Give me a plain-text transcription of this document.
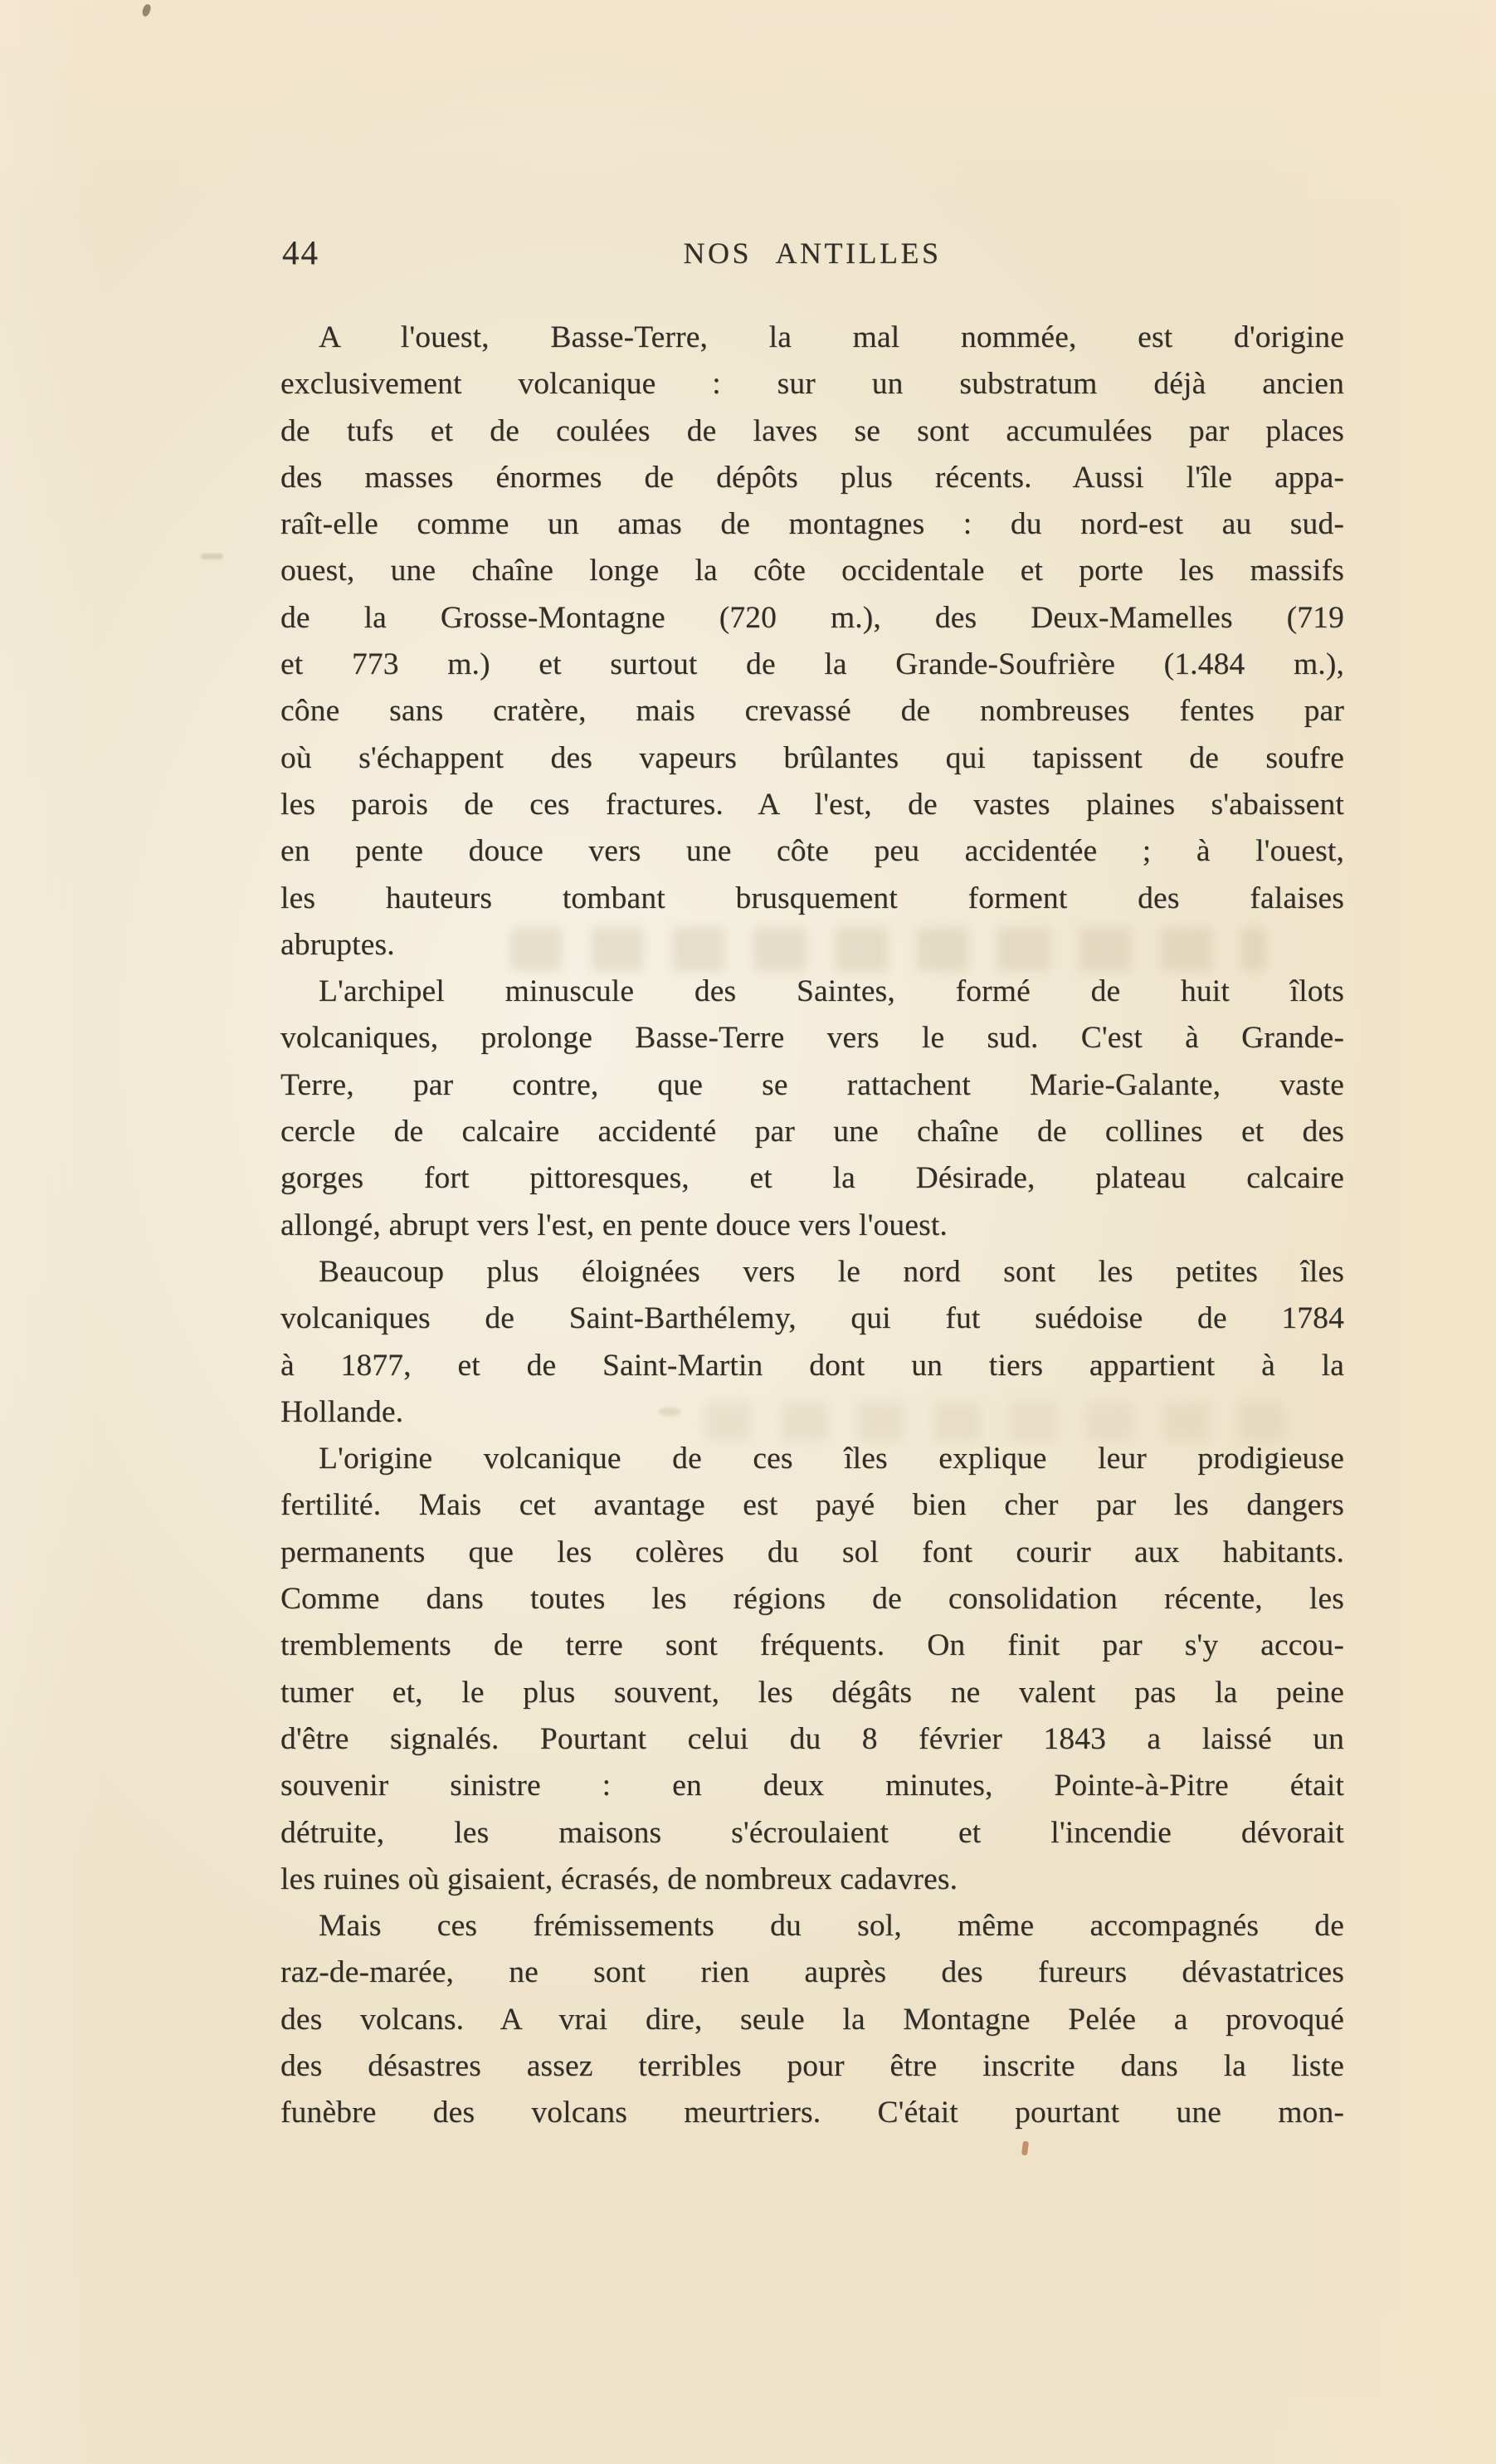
44	NOS ANTILLES
A l'ouest, Basse-Terre, la mal nommée, est d'origine
exclusivement volcanique : sur un substratum déjà ancien
de tufs et de coulées de laves se sont accumulées par places
des masses énormes de dépôts plus récents. Aussi l'île appa-
raît-elle comme un amas de montagnes : du nord-est au sud-
ouest, une chaîne longe la côte occidentale et porte les massifs
de la Grosse-Montagne (720 m.), des Deux-Mamelles (719
et 773 m.) et surtout de la Grande-Soufrière (1.484 m.),
cône sans cratère, mais crevassé de nombreuses fentes par
où s'échappent des vapeurs brûlantes qui tapissent de soufre
les parois de ces fractures. A l'est, de vastes plaines s'abaissent
en pente douce vers une côte peu accidentée ; à l'ouest,
les hauteurs tombant brusquement forment des falaises
abruptes.
L'archipel minuscule des Saintes, formé de huit îlots
volcaniques, prolonge Basse-Terre vers le sud. C'est à Grande-
Terre, par contre, que se rattachent Marie-Galante, vaste
cercle de calcaire accidenté par une chaîne de collines et des
gorges fort pittoresques, et la Désirade, plateau calcaire
allongé, abrupt vers l'est, en pente douce vers l'ouest.
Beaucoup plus éloignées vers le nord sont les petites îles
volcaniques de Saint-Barthélemy, qui fut suédoise de 1784
à 1877, et de Saint-Martin dont un tiers appartient à la
Hollande.
L'origine volcanique de ces îles explique leur prodigieuse
fertilité. Mais cet avantage est payé bien cher par les dangers
permanents que les colères du sol font courir aux habitants.
Comme dans toutes les régions de consolidation récente, les
tremblements de terre sont fréquents. On finit par s'y accou-
tumer et, le plus souvent, les dégâts ne valent pas la peine
d'être signalés. Pourtant celui du 8 février 1843 a laissé un
souvenir sinistre : en deux minutes, Pointe-à-Pitre était
détruite, les maisons s'écroulaient et l'incendie dévorait
les ruines où gisaient, écrasés, de nombreux cadavres.
Mais ces frémissements du sol, même accompagnés de
raz-de-marée, ne sont rien auprès des fureurs dévastatrices
des volcans. A vrai dire, seule la Montagne Pelée a provoqué
des désastres assez terribles pour être inscrite dans la liste
funèbre des volcans meurtriers. C'était pourtant une mon-
